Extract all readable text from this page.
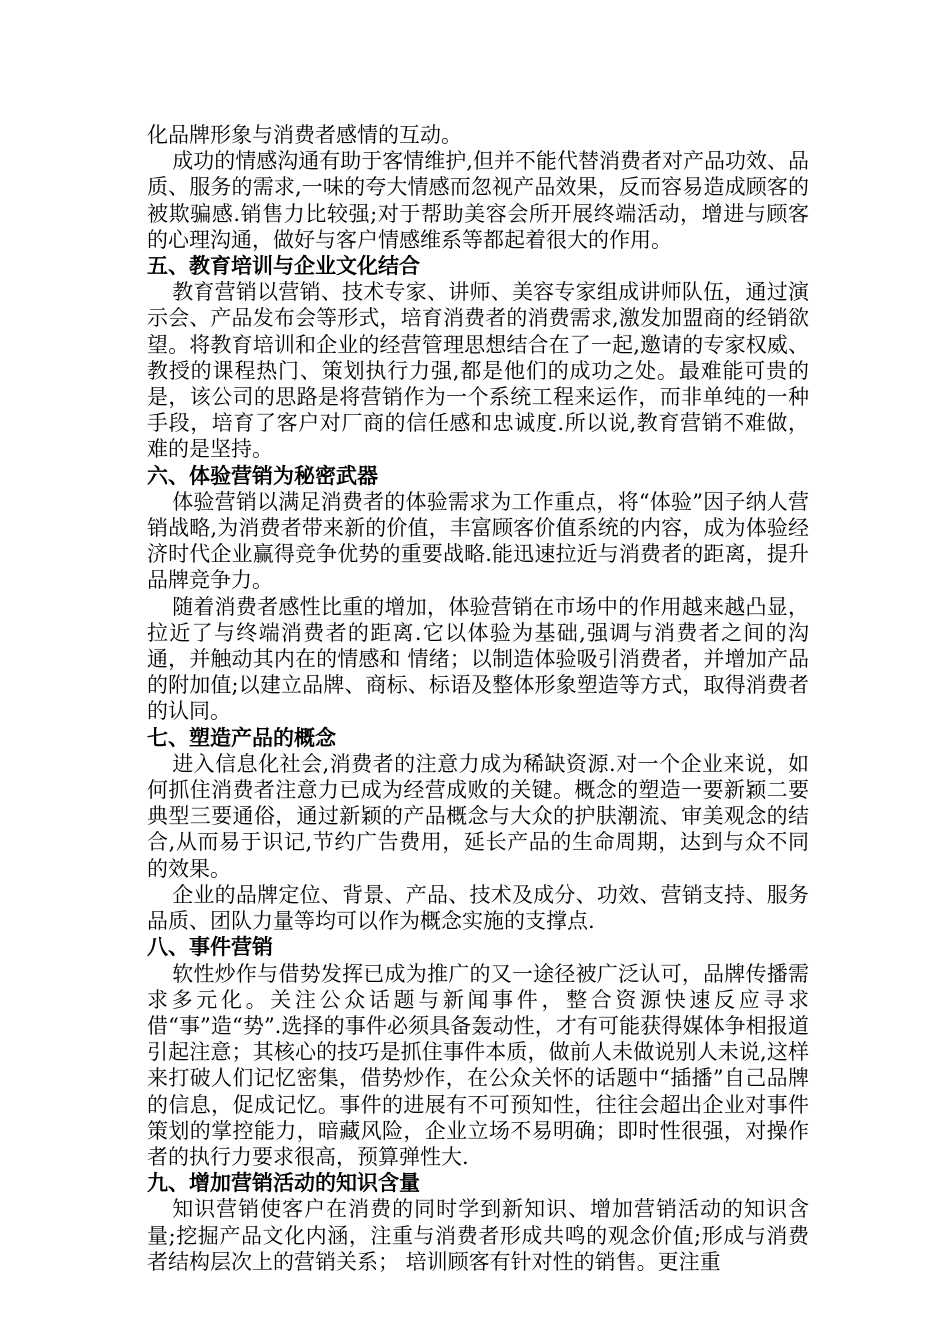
化品牌形象与消费者感情的互动。

成功的情感沟通有助于客情维护,但并不能代替消费者对产品功效、品质、服务的需求,一味的夸大情感而忽视产品效果，反而容易造成顾客的被欺骗感.销售力比较强;对于帮助美容会所开展终端活动，增进与顾客的心理沟通，做好与客户情感维系等都起着很大的作用。

五、教育培训与企业文化结合

教育营销以营销、技术专家、讲师、美容专家组成讲师队伍，通过演示会、产品发布会等形式，培育消费者的消费需求,激发加盟商的经销欲望。将教育培训和企业的经营管理思想结合在了一起,邀请的专家权威、教授的课程热门、策划执行力强,都是他们的成功之处。最难能可贵的是，该公司的思路是将营销作为一个系统工程来运作，而非单纯的一种手段，培育了客户对厂商的信任感和忠诚度.所以说,教育营销不难做，难的是坚持。

六、体验营销为秘密武器

体验营销以满足消费者的体验需求为工作重点，将“体验”因子纳人营销战略,为消费者带来新的价值，丰富顾客价值系统的内容，成为体验经济时代企业赢得竞争优势的重要战略.能迅速拉近与消费者的距离，提升品牌竞争力。

随着消费者感性比重的增加，体验营销在市场中的作用越来越凸显，拉近了与终端消费者的距离.它以体验为基础,强调与消费者之间的沟通，并触动其内在的情感和 情绪；以制造体验吸引消费者，并增加产品的附加值;以建立品牌、商标、标语及整体形象塑造等方式，取得消费者的认同。

七、塑造产品的概念

进入信息化社会,消费者的注意力成为稀缺资源.对一个企业来说，如何抓住消费者注意力已成为经营成败的关键。概念的塑造一要新颖二要典型三要通俗，通过新颖的产品概念与大众的护肤潮流、审美观念的结合,从而易于识记,节约广告费用，延长产品的生命周期，达到与众不同的效果。

企业的品牌定位、背景、产品、技术及成分、功效、营销支持、服务品质、团队力量等均可以作为概念实施的支撑点.

八、事件营销

软性炒作与借势发挥已成为推广的又一途径被广泛认可，品牌传播需求多元化。关注公众话题与新闻事件，整合资源快速反应寻求借“事”造“势”.选择的事件必须具备轰动性，才有可能获得媒体争相报道引起注意；其核心的技巧是抓住事件本质，做前人未做说别人未说,这样来打破人们记忆密集，借势炒作，在公众关怀的话题中“插播”自己品牌的信息，促成记忆。事件的进展有不可预知性，往往会超出企业对事件策划的掌控能力，暗藏风险，企业立场不易明确；即时性很强，对操作者的执行力要求很高，预算弹性大.

九、增加营销活动的知识含量

知识营销使客户在消费的同时学到新知识、增加营销活动的知识含量;挖掘产品文化内涵，注重与消费者形成共鸣的观念价值;形成与消费者结构层次上的营销关系； 培训顾客有针对性的销售。更注重
